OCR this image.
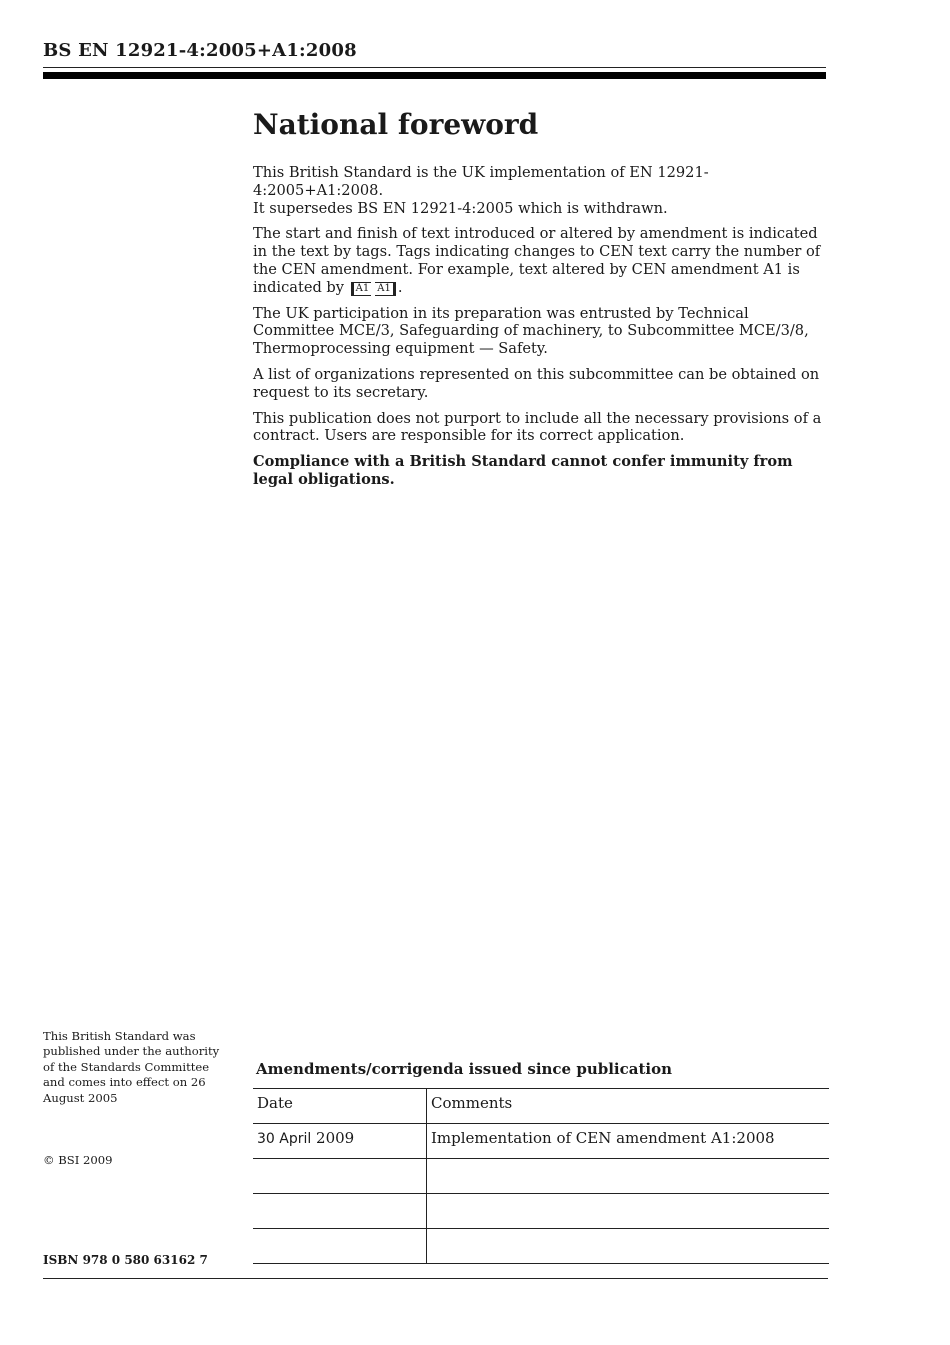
BS EN 12921-4:2005+A1:2008
National foreword

This British Standard is the UK implementation of EN 12921-4:2005+A1:2008.
It supersedes BS EN 12921-4:2005 which is withdrawn.

The start and finish of text introduced or altered by amendment is indicated in the text by tags. Tags indicating changes to CEN text carry the number of the CEN amendment. For example, text altered by CEN amendment A1 is indicated by A1 A1 .

The UK participation in its preparation was entrusted by Technical Committee MCE/3, Safeguarding of machinery, to Subcommittee MCE/3/8, Thermoprocessing equipment — Safety.

A list of organizations represented on this subcommittee can be obtained on request to its secretary.

This publication does not purport to include all the necessary provisions of a contract. Users are responsible for its correct application.

Compliance with a British Standard cannot confer immunity from legal obligations.

This British Standard was published under the authority of the Standards Committee and comes into effect on 26 August 2005
© BSI 2009
ISBN 978 0 580 63162 7
Amendments/corrigenda issued since publication
Date	Comments

30 April 2009	Implementation of CEN amendment A1:2008
